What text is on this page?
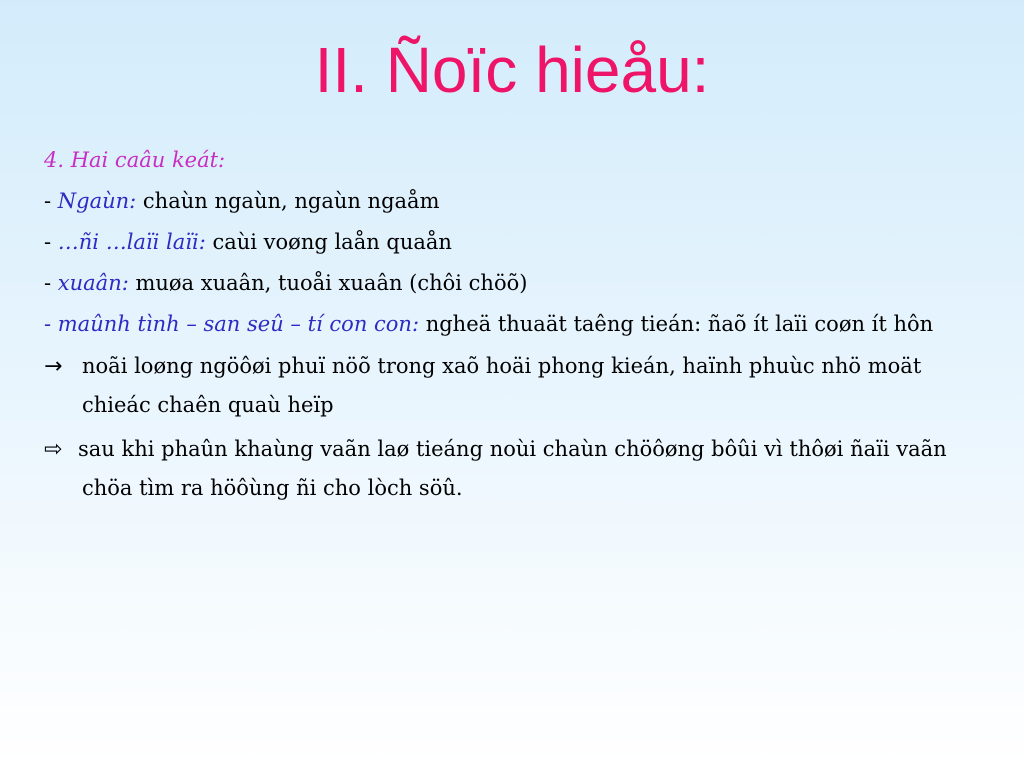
II. Ñoïc hieåu:
4. Hai caâu keát:
- Ngaùn: chaùn ngaùn, ngaùn ngaåm
- …ñi …laïi laïi: caùi voøng laån quaån
- xuaân: muøa xuaân, tuoåi xuaân (chôi chöõ)
- maûnh tình – san seû – tí con con: ngheä thuaät taêng tieán: ñaõ ít laïi coøn ít hôn
→ noãi loøng ngöôøi phuï nöõ trong xaõ hoäi phong kieán, haïnh phuùc nhö moät
chieác chaên quaù heïp
⇨ sau khi phaûn khaùng vaãn laø tieáng noùi chaùn chöôøng bôûi vì thôøi ñaïi vaãn
chöa tìm ra höôùng ñi cho lòch söû.
